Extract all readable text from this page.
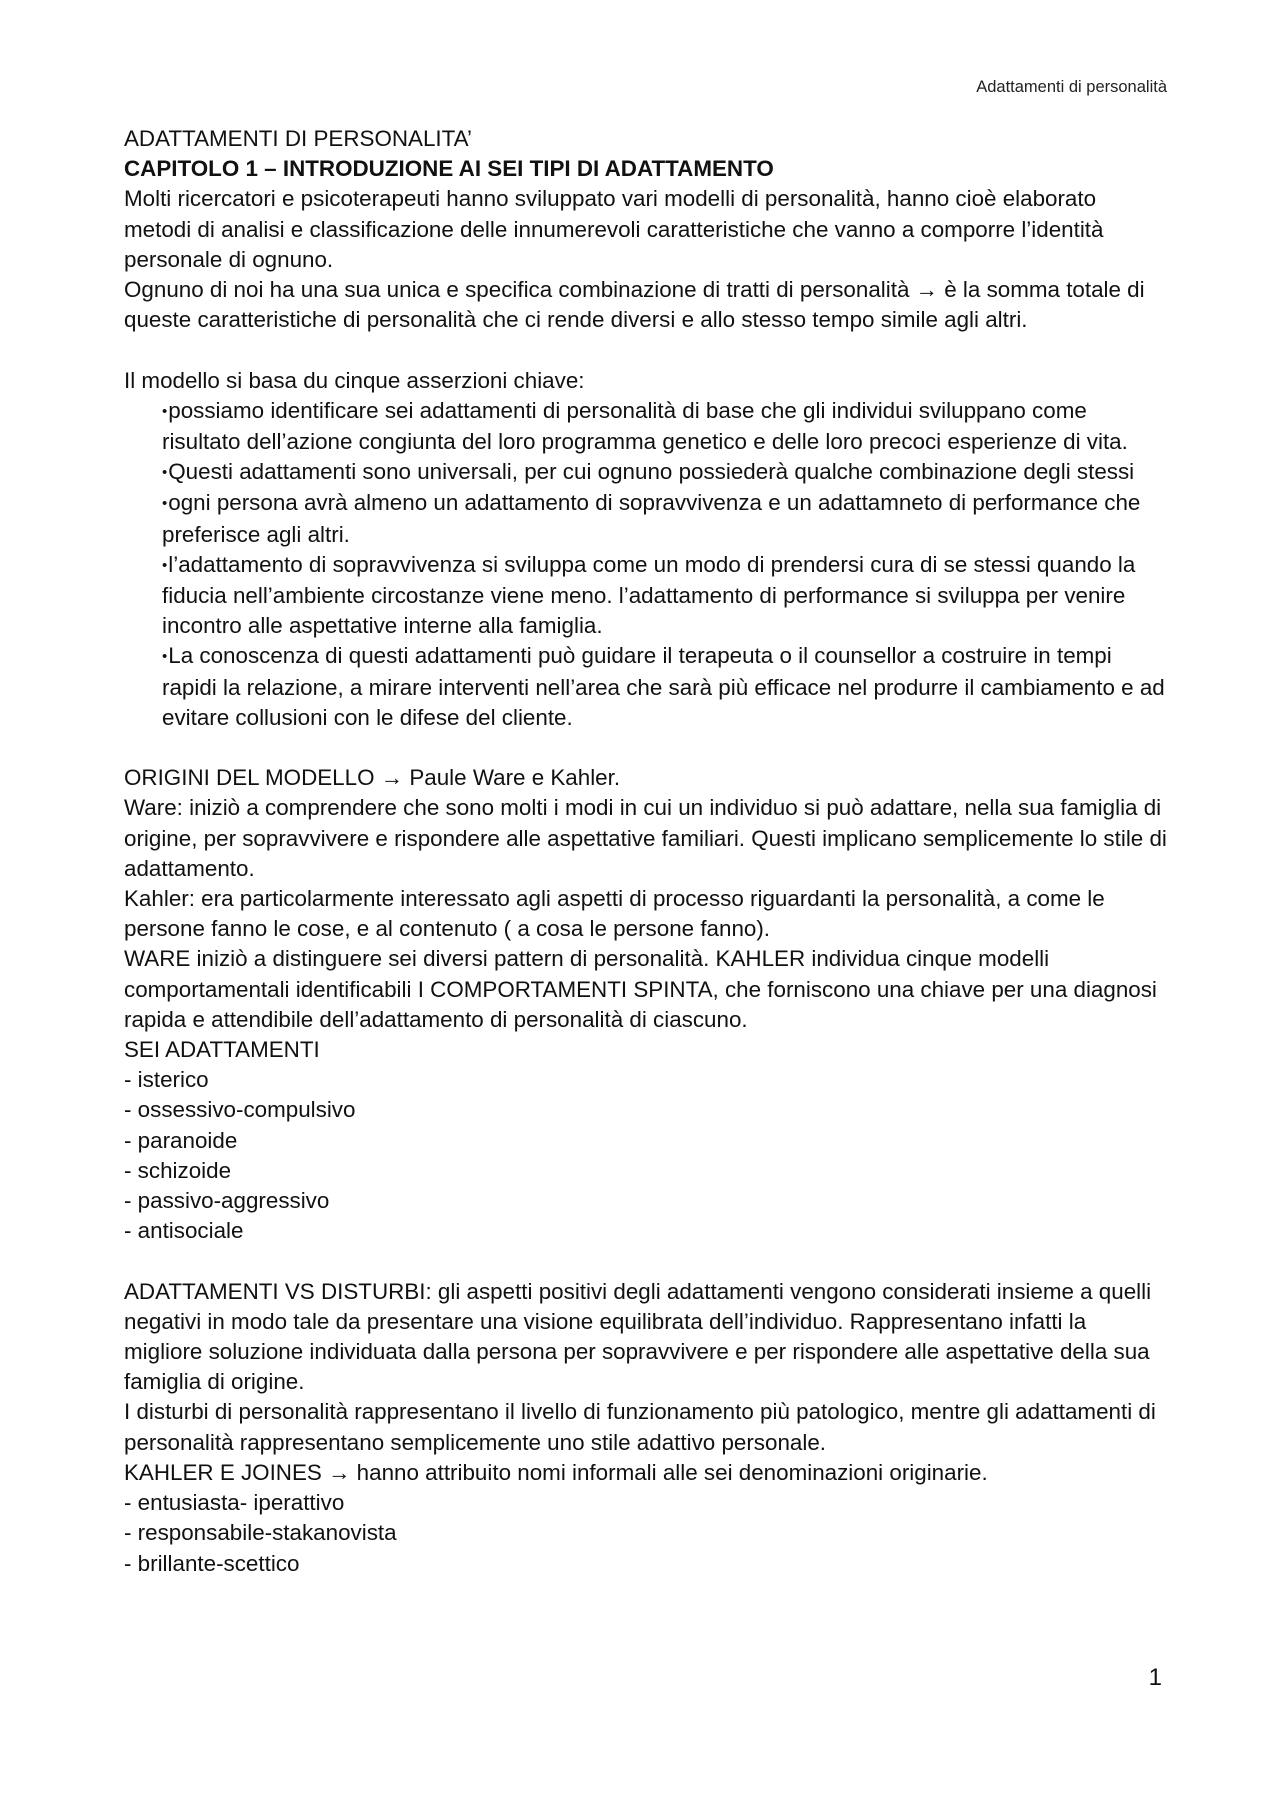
Adattamenti di personalità

ADATTAMENTI DI PERSONALITA’

CAPITOLO 1 – INTRODUZIONE AI SEI TIPI DI ADATTAMENTO

Molti ricercatori e psicoterapeuti hanno sviluppato vari modelli di personalità, hanno cioè elaborato metodi di analisi e classificazione delle innumerevoli caratteristiche che vanno a comporre l’identità personale di ognuno.

Ognuno di noi ha una sua unica e specifica combinazione di tratti di personalità → è la somma totale di queste caratteristiche di personalità che ci rende diversi e allo stesso tempo simile agli altri.

Il modello si basa du cinque asserzioni chiave:

•possiamo identificare sei adattamenti di personalità di base che gli individui sviluppano come risultato dell’azione congiunta del loro programma genetico e delle loro precoci esperienze di vita.
•Questi adattamenti sono universali, per cui ognuno possiederà qualche combinazione degli stessi
•ogni persona avrà almeno un adattamento di sopravvivenza e un adattamneto di performance che preferisce agli altri.
•l’adattamento di sopravvivenza si sviluppa come un modo di prendersi cura di se stessi quando la fiducia nell’ambiente circostanze viene meno. l’adattamento di performance si sviluppa per venire incontro alle aspettative interne alla famiglia.
•La conoscenza di questi adattamenti può guidare il terapeuta o il counsellor a costruire in tempi rapidi la relazione, a mirare interventi nell’area che sarà più efficace nel produrre il cambiamento e ad evitare collusioni con le difese del cliente.

ORIGINI DEL MODELLO → Paule Ware e Kahler.

Ware: iniziò a comprendere che sono molti i modi in cui un individuo si può adattare, nella sua famiglia di origine, per sopravvivere e rispondere alle aspettative familiari. Questi implicano semplicemente lo stile di adattamento.

Kahler: era particolarmente interessato agli aspetti di processo riguardanti la personalità, a come le persone fanno le cose, e al contenuto ( a cosa le persone fanno).

WARE iniziò a distinguere sei diversi pattern di personalità. KAHLER individua cinque modelli comportamentali identificabili I COMPORTAMENTI SPINTA, che forniscono una chiave per una diagnosi rapida e attendibile dell’adattamento di personalità di ciascuno.

SEI ADATTAMENTI

- isterico
- ossessivo-compulsivo
- paranoide
- schizoide
- passivo-aggressivo
- antisociale

ADATTAMENTI VS DISTURBI: gli aspetti positivi degli adattamenti vengono considerati insieme a quelli negativi in modo tale da presentare una visione equilibrata dell’individuo. Rappresentano infatti la migliore soluzione individuata dalla persona per sopravvivere e per rispondere alle aspettative della sua famiglia di origine.

I disturbi di personalità rappresentano il livello di funzionamento più patologico, mentre gli adattamenti di personalità rappresentano semplicemente uno stile adattivo personale.

KAHLER E JOINES → hanno attribuito nomi informali alle sei denominazioni originarie.

- entusiasta- iperattivo
- responsabile-stakanovista
- brillante-scettico
1
